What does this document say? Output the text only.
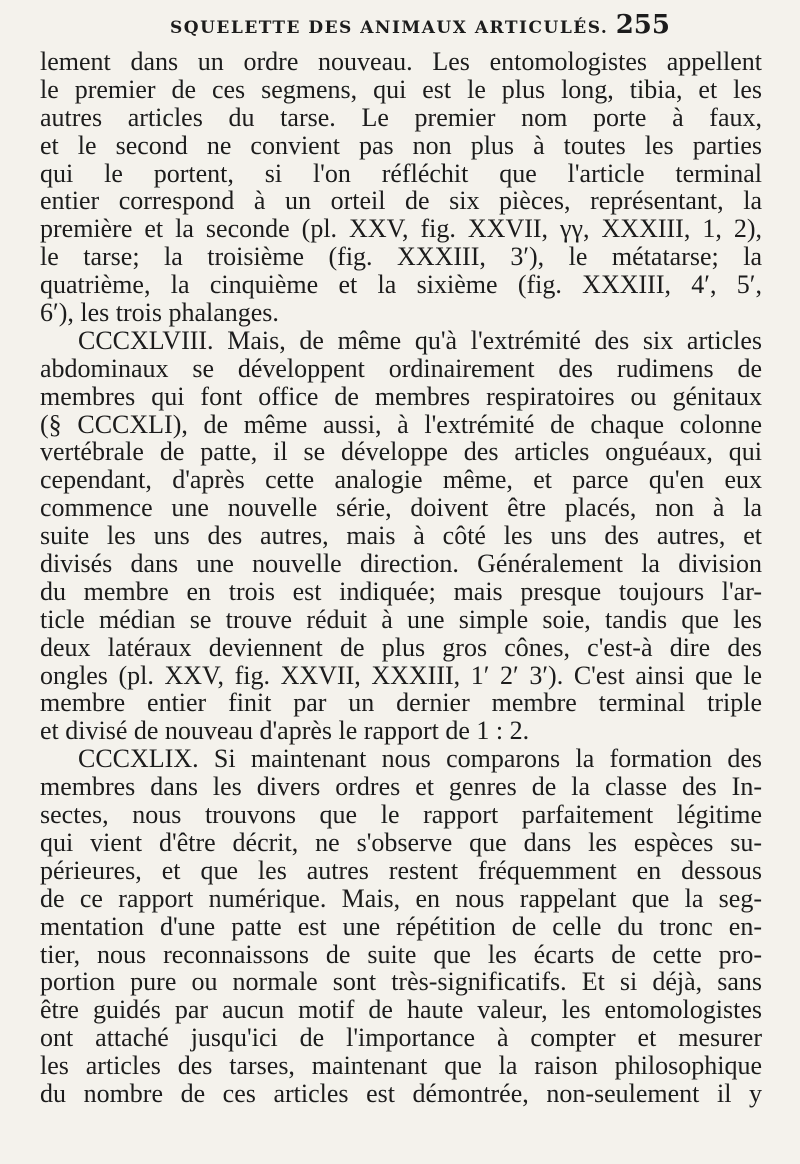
SQUELETTE DES ANIMAUX ARTICULÉS. 255
lement dans un ordre nouveau. Les entomologistes appellent
le premier de ces segmens, qui est le plus long, tibia, et les
autres articles du tarse. Le premier nom porte à faux,
et le second ne convient pas non plus à toutes les parties
qui le portent, si l'on réfléchit que l'article terminal
entier correspond à un orteil de six pièces, représentant, la
première et la seconde (pl. XXV, fig. XXVII, γγ, XXXIII, 1, 2),
le tarse; la troisième (fig. XXXIII, 3′), le métatarse; la
quatrième, la cinquième et la sixième (fig. XXXIII, 4′, 5′,
6′), les trois phalanges.
CCCXLVIII. Mais, de même qu'à l'extrémité des six articles
abdominaux se développent ordinairement des rudimens de
membres qui font office de membres respiratoires ou génitaux
(§ CCCXLI), de même aussi, à l'extrémité de chaque colonne
vertébrale de patte, il se développe des articles onguéaux, qui
cependant, d'après cette analogie même, et parce qu'en eux
commence une nouvelle série, doivent être placés, non à la
suite les uns des autres, mais à côté les uns des autres, et
divisés dans une nouvelle direction. Généralement la division
du membre en trois est indiquée; mais presque toujours l'ar-
ticle médian se trouve réduit à une simple soie, tandis que les
deux latéraux deviennent de plus gros cônes, c'est-à dire des
ongles (pl. XXV, fig. XXVII, XXXIII, 1′ 2′ 3′). C'est ainsi que le
membre entier finit par un dernier membre terminal triple
et divisé de nouveau d'après le rapport de 1 : 2.
CCCXLIX. Si maintenant nous comparons la formation des
membres dans les divers ordres et genres de la classe des In-
sectes, nous trouvons que le rapport parfaitement légitime
qui vient d'être décrit, ne s'observe que dans les espèces su-
périeures, et que les autres restent fréquemment en dessous
de ce rapport numérique. Mais, en nous rappelant que la seg-
mentation d'une patte est une répétition de celle du tronc en-
tier, nous reconnaissons de suite que les écarts de cette pro-
portion pure ou normale sont très-significatifs. Et si déjà, sans
être guidés par aucun motif de haute valeur, les entomologistes
ont attaché jusqu'ici de l'importance à compter et mesurer
les articles des tarses, maintenant que la raison philosophique
du nombre de ces articles est démontrée, non-seulement il y
